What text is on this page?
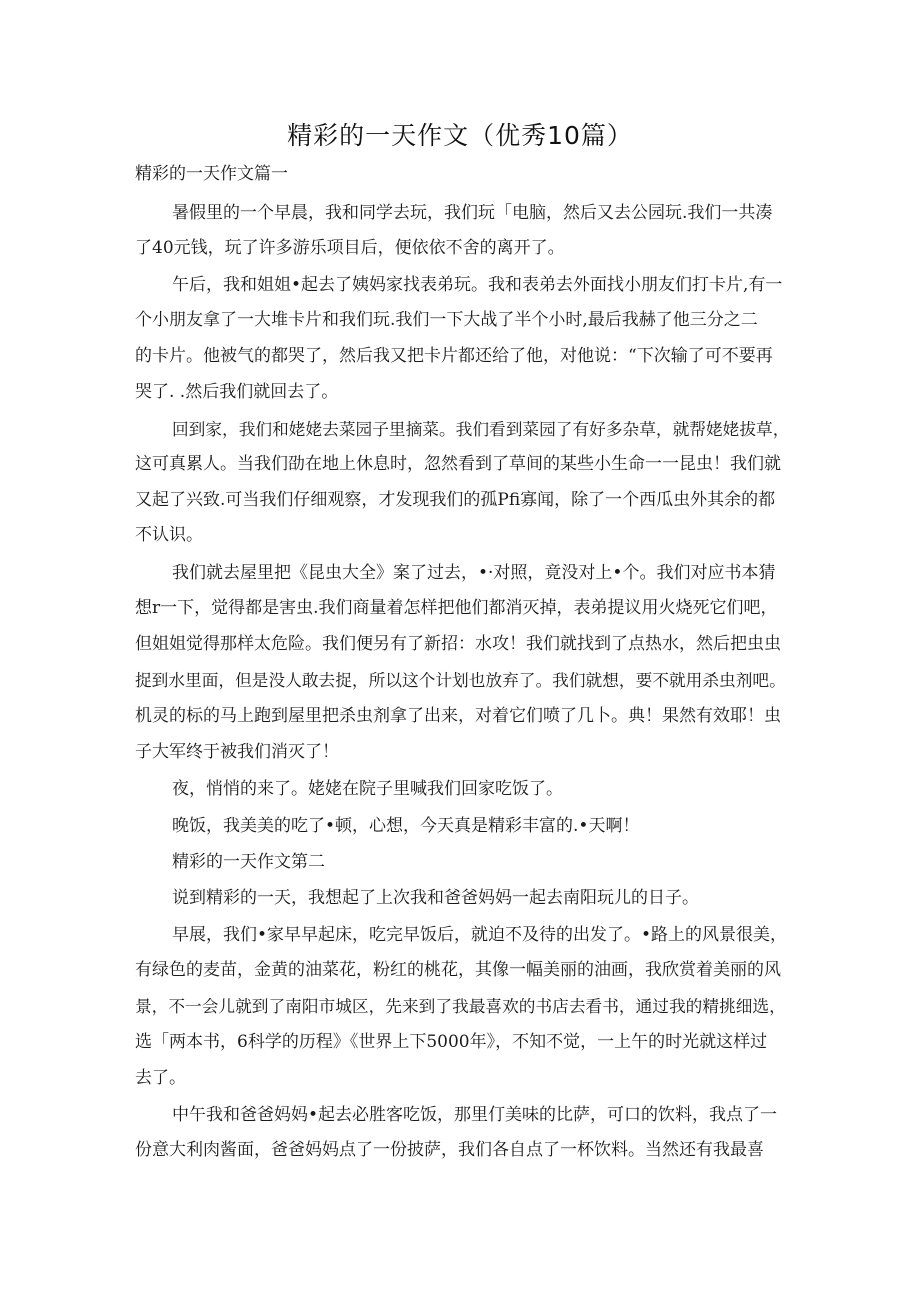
精彩的一天作文（优秀10篇）
精彩的一天作文篇一
暑假里的一个早晨，我和同学去玩，我们玩「电脑，然后又去公园玩.我们一共凑
了40元钱，玩了许多游乐项目后，便依依不舍的离开了。
午后，我和姐姐•起去了姨妈家找表弟玩。我和表弟去外面找小朋友们打卡片,有一
个小朋友拿了一大堆卡片和我们玩.我们一下大战了半个小时,最后我赫了他三分之二
的卡片。他被气的都哭了，然后我又把卡片都还给了他，对他说：“下次输了可不要再
哭了. .然后我们就回去了。
回到家，我们和姥姥去菜园子里摘菜。我们看到菜园了有好多杂草，就帮姥姥拔草，
这可真累人。当我们劭在地上休息时，忽然看到了草间的某些小生命一一昆虫！我们就
又起了兴致.可当我们仔细观察，才发现我们的孤Pfi寡闻，除了一个西瓜虫外其余的都
不认识。
我们就去屋里把《昆虫大全》案了过去，•·对照，竟没对上•个。我们对应书本猜
想r一下，觉得都是害虫.我们商量着怎样把他们都消灭掉，表弟提议用火烧死它们吧，
但姐姐觉得那样太危险。我们便另有了新招：水攻！我们就找到了点热水，然后把虫虫
捉到水里面，但是没人敢去捉，所以这个计划也放弃了。我们就想，要不就用杀虫剂吧。
机灵的标的马上跑到屋里把杀虫剂拿了出来，对着它们喷了几卜。典！果然有效耶！虫
子大军终于被我们消灭了！
夜，悄悄的来了。姥姥在院子里喊我们回家吃饭了。
晚饭，我美美的吃了•顿，心想，今天真是精彩丰富的.•天啊！
精彩的一天作文第二
说到精彩的一天，我想起了上次我和爸爸妈妈一起去南阳玩儿的日子。
早展，我们•家早早起床，吃完早饭后，就迫不及待的出发了。•路上的风景很美，
有绿色的麦苗，金黄的油菜花，粉红的桃花，其像一幅美丽的油画，我欣赏着美丽的风
景，不一会儿就到了南阳市城区，先来到了我最喜欢的书店去看书，通过我的精挑细选，
选「两本书，6科学的历程》《世界上下5000年》，不知不觉，一上午的时光就这样过
去了。
中午我和爸爸妈妈•起去必胜客吃饭，那里仃美味的比萨，可口的饮料，我点了一
份意大利肉酱面，爸爸妈妈点了一份披萨，我们各自点了一杯饮料。当然还有我最喜
